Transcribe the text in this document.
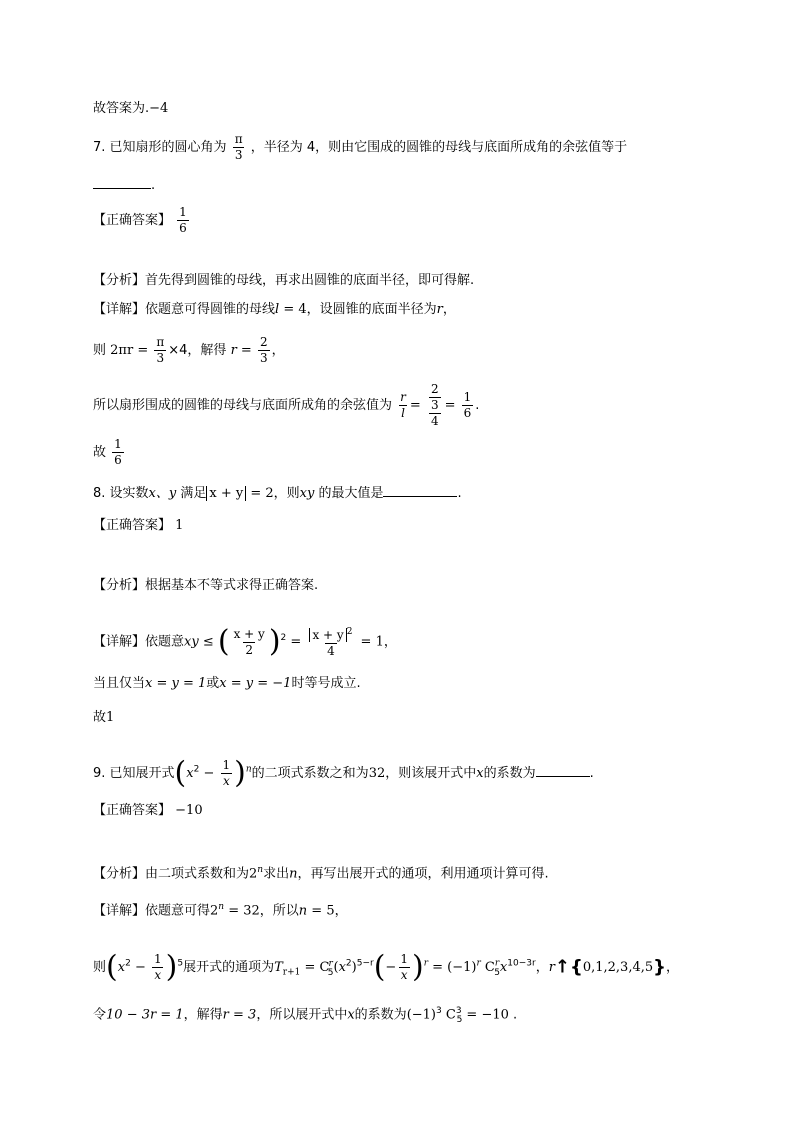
故答案为.−4
7. 已知扇形的圆心角为 $\frac{\pi}{3}$ ，半径为 4，则由它围成的圆锥的母线与底面所成角的余弦值等于
.
【正确答案】 $\frac{1}{6}$
【分析】首先得到圆锥的母线，再求出圆锥的底面半径，即可得解.
【详解】依题意可得圆锥的母线l = 4，设圆锥的底面半径为r，
则 $2\pi r = \frac{\pi}{3} \times 4$，解得 $r = \frac{2}{3}$ ，
所以扇形围成的圆锥的母线与底面所成角的余弦值为 $\frac{r}{l} = \frac{\frac{2}{3}}{4} = \frac{1}{6}$ .
故 $\frac{1}{6}$
8. 设实数x、y 满足 x + y = 2，则xy 的最大值是	.
【正确答案】 1
【分析】根据基本不等式求得正确答案.
【详解】依题意xy ≤ ( $\frac{x + y}{2} )^2 = \frac{x + y ^2}{4} = 1$，
当且仅当x = y = 1或x = y = −1时等号成立.
故1
9. 已知展开式$(x^2 - \frac{1}{x} )^n$的二项式系数之和为32，则该展开式中x的系数为	.
【正确答案】 −10
【分析】由二项式系数和为2$^n$求出n，再写出展开式的通项，利用通项计算可得.
【详解】依题意可得$2^n = 32$，所以n = 5，
则$(x^2 - \frac{1}{x} )^5$展开式的通项为$T_{r+1} = C^r_5(x^2)^{5-r}(- \frac{1}{x} )^r = (-1)^r$ $C^r_5x^{10-3r}$，r↑{0,1,2,3,4,5}，
令10 − 3r = 1，解得r = 3，所以展开式中x的系数为$(-1)^3$ $C^3_5 = -10$ .
